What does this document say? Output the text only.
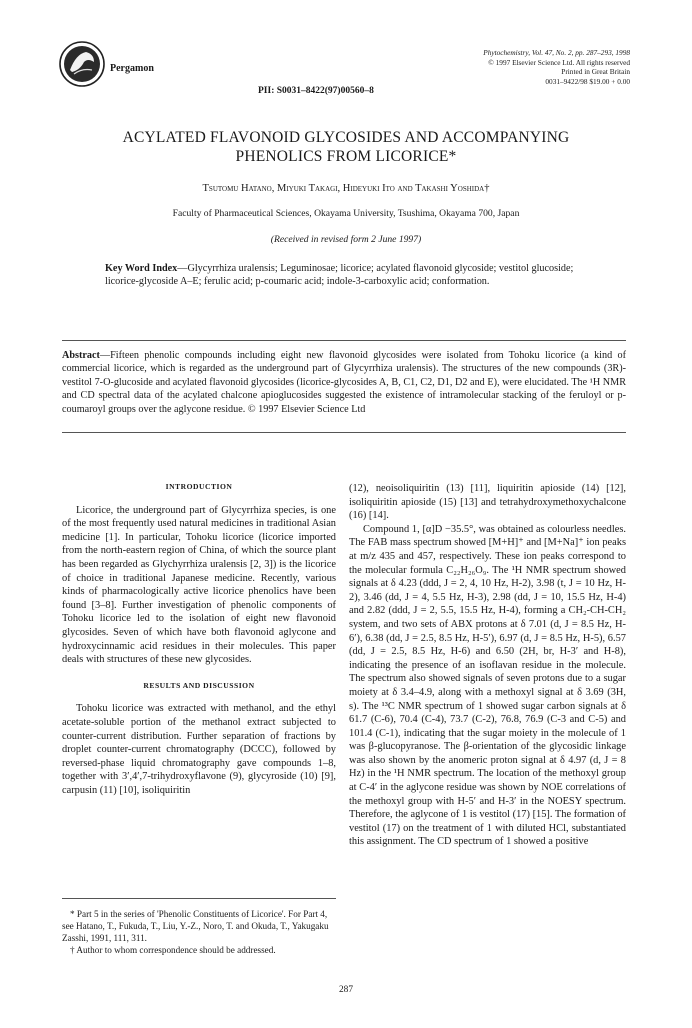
Pergamon
Phytochemistry, Vol. 47, No. 2, pp. 287–293, 1998
© 1997 Elsevier Science Ltd. All rights reserved
Printed in Great Britain
0031–9422/98 $19.00 + 0.00
PII: S0031–8422(97)00560–8
ACYLATED FLAVONOID GLYCOSIDES AND ACCOMPANYING
PHENOLICS FROM LICORICE*
Tsutomu Hatano, Miyuki Takagi, Hideyuki Ito and Takashi Yoshida†
Faculty of Pharmaceutical Sciences, Okayama University, Tsushima, Okayama 700, Japan
(Received in revised form 2 June 1997)
Key Word Index—Glycyrrhiza uralensis; Leguminosae; licorice; acylated flavonoid glycoside; vestitol glucoside; licorice-glycoside A–E; ferulic acid; p-coumaric acid; indole-3-carboxylic acid; conformation.
Abstract—Fifteen phenolic compounds including eight new flavonoid glycosides were isolated from Tohoku licorice (a kind of commercial licorice, which is regarded as the underground part of Glycyrrhiza uralensis). The structures of the new compounds (3R)-vestitol 7-O-glucoside and acylated flavonoid glycosides (licorice-glycosides A, B, C1, C2, D1, D2 and E), were elucidated. The ¹H NMR and CD spectral data of the acylated chalcone apioglucosides suggested the existence of intramolecular stacking of the feruloyl or p-coumaroyl groups over the aglycone residue. © 1997 Elsevier Science Ltd
INTRODUCTION

Licorice, the underground part of Glycyrrhiza species, is one of the most frequently used natural medicines in traditional Asian medicine [1]. In particular, Tohoku licorice (licorice imported from the north-eastern region of China, of which the source plant has been regarded as Glychyrrhiza uralensis [2, 3]) is the licorice of choice in traditional Japanese medicine. Recently, various kinds of pharmacologically active licorice phenolics have been found [3–8]. Further investigation of phenolic components of Tohoku licorice led to the isolation of eight new flavonoid glycosides. Seven of which have both flavonoid aglycone and hydroxycinnamic acid residues in their molecules. This paper deals with structures of these new glycosides.

RESULTS AND DISCUSSION

Tohoku licorice was extracted with methanol, and the ethyl acetate-soluble portion of the methanol extract subjected to counter-current distribution. Further separation of fractions by droplet counter-current chromatography (DCCC), followed by reversed-phase liquid chromatography gave compounds 1–8, together with 3′,4′,7-trihydroxyflavone (9), glycyroside (10) [9], carpusin (11) [10], isoliquiritin

* Part 5 in the series of 'Phenolic Constituents of Licorice'. For Part 4, see Hatano, T., Fukuda, T., Liu, Y.-Z., Noro, T. and Okuda, T., Yakugaku Zasshi, 1991, 111, 311.

† Author to whom correspondence should be addressed.

(12), neoisoliquiritin (13) [11], liquiritin apioside (14) [12], isoliquiritin apioside (15) [13] and tetrahydroxymethoxychalcone (16) [14].

Compound 1, [α]D −35.5°, was obtained as colourless needles. The FAB mass spectrum showed [M+H]⁺ and [M+Na]⁺ ion peaks at m/z 435 and 457, respectively. These ion peaks correspond to the molecular formula C₂₂H₂₆O₉. The ¹H NMR spectrum showed signals at δ 4.23 (ddd, J = 2, 4, 10 Hz, H-2), 3.98 (t, J = 10 Hz, H-2), 3.46 (dd, J = 4, 5.5 Hz, H-3), 2.98 (dd, J = 10, 15.5 Hz, H-4) and 2.82 (ddd, J = 2, 5.5, 15.5 Hz, H-4), forming a CH₂-CH-CH₂ system, and two sets of ABX protons at δ 7.01 (d, J = 8.5 Hz, H-6′), 6.38 (dd, J = 2.5, 8.5 Hz, H-5′), 6.97 (d, J = 8.5 Hz, H-5), 6.57 (dd, J = 2.5, 8.5 Hz, H-6) and 6.50 (2H, br, H-3′ and H-8), indicating the presence of an isoflavan residue in the molecule. The spectrum also showed signals of seven protons due to a sugar moiety at δ 3.4–4.9, along with a methoxyl signal at δ 3.69 (3H, s). The ¹³C NMR spectrum of 1 showed sugar carbon signals at δ 61.7 (C-6), 70.4 (C-4), 73.7 (C-2), 76.8, 76.9 (C-3 and C-5) and 101.4 (C-1), indicating that the sugar moiety in the molecule of 1 was β-glucopyranose. The β-orientation of the glycosidic linkage was also shown by the anomeric proton signal at δ 4.97 (d, J = 8 Hz) in the ¹H NMR spectrum. The location of the methoxyl group at C-4′ in the aglycone residue was shown by NOE correlations of the methoxyl group with H-5′ and H-3′ in the NOESY spectrum. Therefore, the aglycone of 1 is vestitol (17) [15]. The formation of vestitol (17) on the treatment of 1 with diluted HCl, substantiated this assignment. The CD spectrum of 1 showed a positive

287
